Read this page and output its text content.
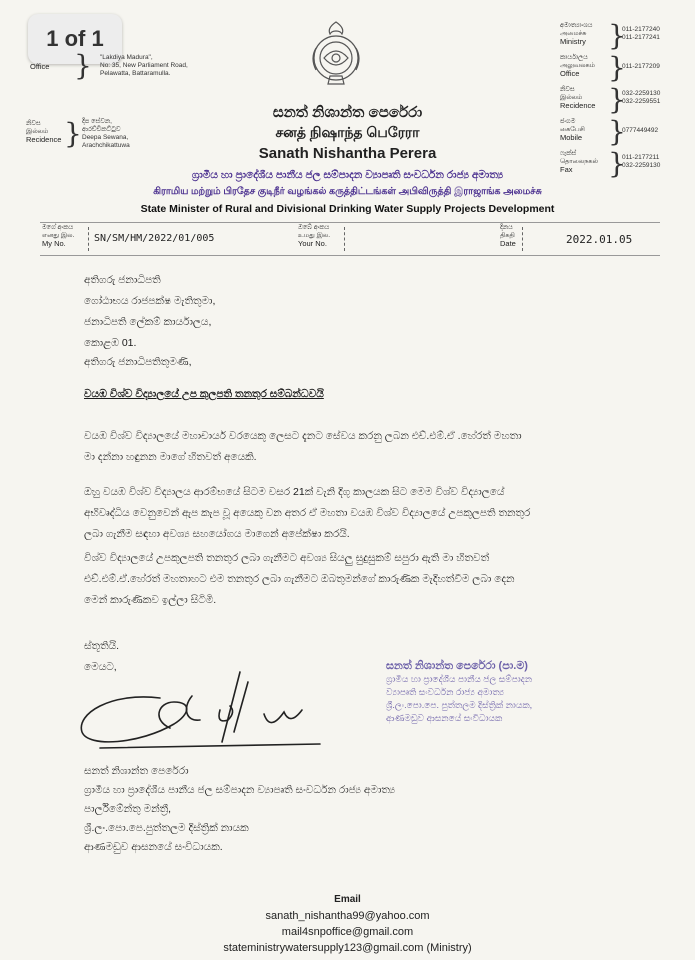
1 of 1
"Lakdiya Madura",
No: 35, New Parliament Road,
Pelawatta, Battaramulla.
Office }
නිවස
இல்லம்
Recidence } දීප සේවන,
ආරච්චිකට්ටුව
Deepa Sewana,
Arachchikattuwa
සනත් නිශාන්ත පෙරේරා
சனத் நிஷாந்த பெரேரா
Sanath Nishantha Perera
ග්‍රාමීය හා ප්‍රාදේශීය පානීය ජල සම්පාදන ව්‍යාපෘති සංවර්ධන රාජ්‍ය අමාත්‍ය
கிராமிய மற்றும் பிரதேச குடிநீர் வழங்கல் கருத்திட்டங்கள் அபிவிருத்தி இராஜாங்க அமைச்சு
State Minister of Rural and Divisional Drinking Water Supply Projects Development
අමාත්‍යාංශය
அமைச்சு
Ministry }
011-2177240
011-2177241
කාර්යාලය
அலுவலகம்
Office	}
011-2177209
නිවස
இல்லம்
Recidence }
032-2259130
032-2259551
ජංගම
கைபேசி
Mobile }
0777449492
ෆැක්ස්
தொலைநகல்
Fax	}
011-2177211
032-2259130
මගේ අංකය
எனது இல.
My No.	SN/SM/HM/2022/01/005
ඔබේ අංකය
உமது இல.
Your No.
දිනය
திகதி
Date	2022.01.05
අතිගරු ජනාධිපති
ගෝඨාභය රාජපක්ෂ මැතිතුමා,
ජනාධිපති ලේකම් කාර්යාලය,
කොළඹ 01.
අතිගරු ජනාධිපතිතුමණි,
වයඹ විශ්ව විද්‍යාලයේ උප කුලපති තනතුර සම්බන්ධවයි
වයඹ විශ්ව විද්‍යාලයේ මහාචාර්ය වරයෙකු ලෙසට දැනට සේවය කරනු ලබන එච්.එම්.ඒ .හේරත් මහතා
මා දන්නා හඳුනන මාගේ හිතවත් අයෙකි.
ඔහු වයඹ විශ්ව විද්‍යාලය ආරම්භයේ සිටම වසර 21ක් වැනි දිගු කාලයක සිට මෙම විශ්ව විද්‍යාලයේ
අභිවෘද්ධිය වෙනුවෙන් ඇප කැප වූ අයෙකු වන අතර ඒ මහතා වයඹ විශ්ව විද්‍යාලයේ උපකුලපති තනතුර
ලබා ගැනීම සඳහා අවශ්‍ය සහයෝගය මාගෙන් අපේක්ෂා කරයි.
විශ්ව විද්‍යාලයේ උපකුලපති තනතුර ලබා ගැනීමට අවශ්‍ය සියලු සුදුසුකම් සපුරා ඇති මා හිතවත්
එච්.එම්.ඒ.හේරත් මහතාහට එම තනතුර ලබා ගැනීමට ඔබතුමන්ගේ කාරුණික මැදිහත්වීම ලබා දෙන
මෙන් කාරුණිකව ඉල්ලා සිටිමි.
ස්තූතියි.
මෙයට,	සනත් නිශාන්ත පෙරේරා (පා.ම)
ග්‍රාමීය හා ප්‍රාදේශීය පානීය ජල සම්පාදන
ව්‍යාපෘති සංවර්ධන රාජ්‍ය අමාත්‍ය
ශ්‍රී.ලං.පො.පෙ. පුත්තලම දිස්ත්‍රික් නායක,
ආණමඩුව ආසනයේ සංවිධායක
සනත් නිශාන්ත පෙරේරා
ග්‍රාමීය හා ප්‍රාදේශීය පානීය ජල සම්පාදන ව්‍යාපෘති සංවර්ධන රාජ්‍ය අමාත්‍ය
පාර්ලිමේන්තු මන්ත්‍රී,
ශ්‍රී.ලං.පො.පෙ.පුත්තලම දිස්ත්‍රික් නායක
ආණමඩුව ආසනයේ සංවිධායක.
Email
sanath_nishantha99@yahoo.com
mail4snpoffice@gmail.com
stateministrywatersupply123@gmail.com (Ministry)
